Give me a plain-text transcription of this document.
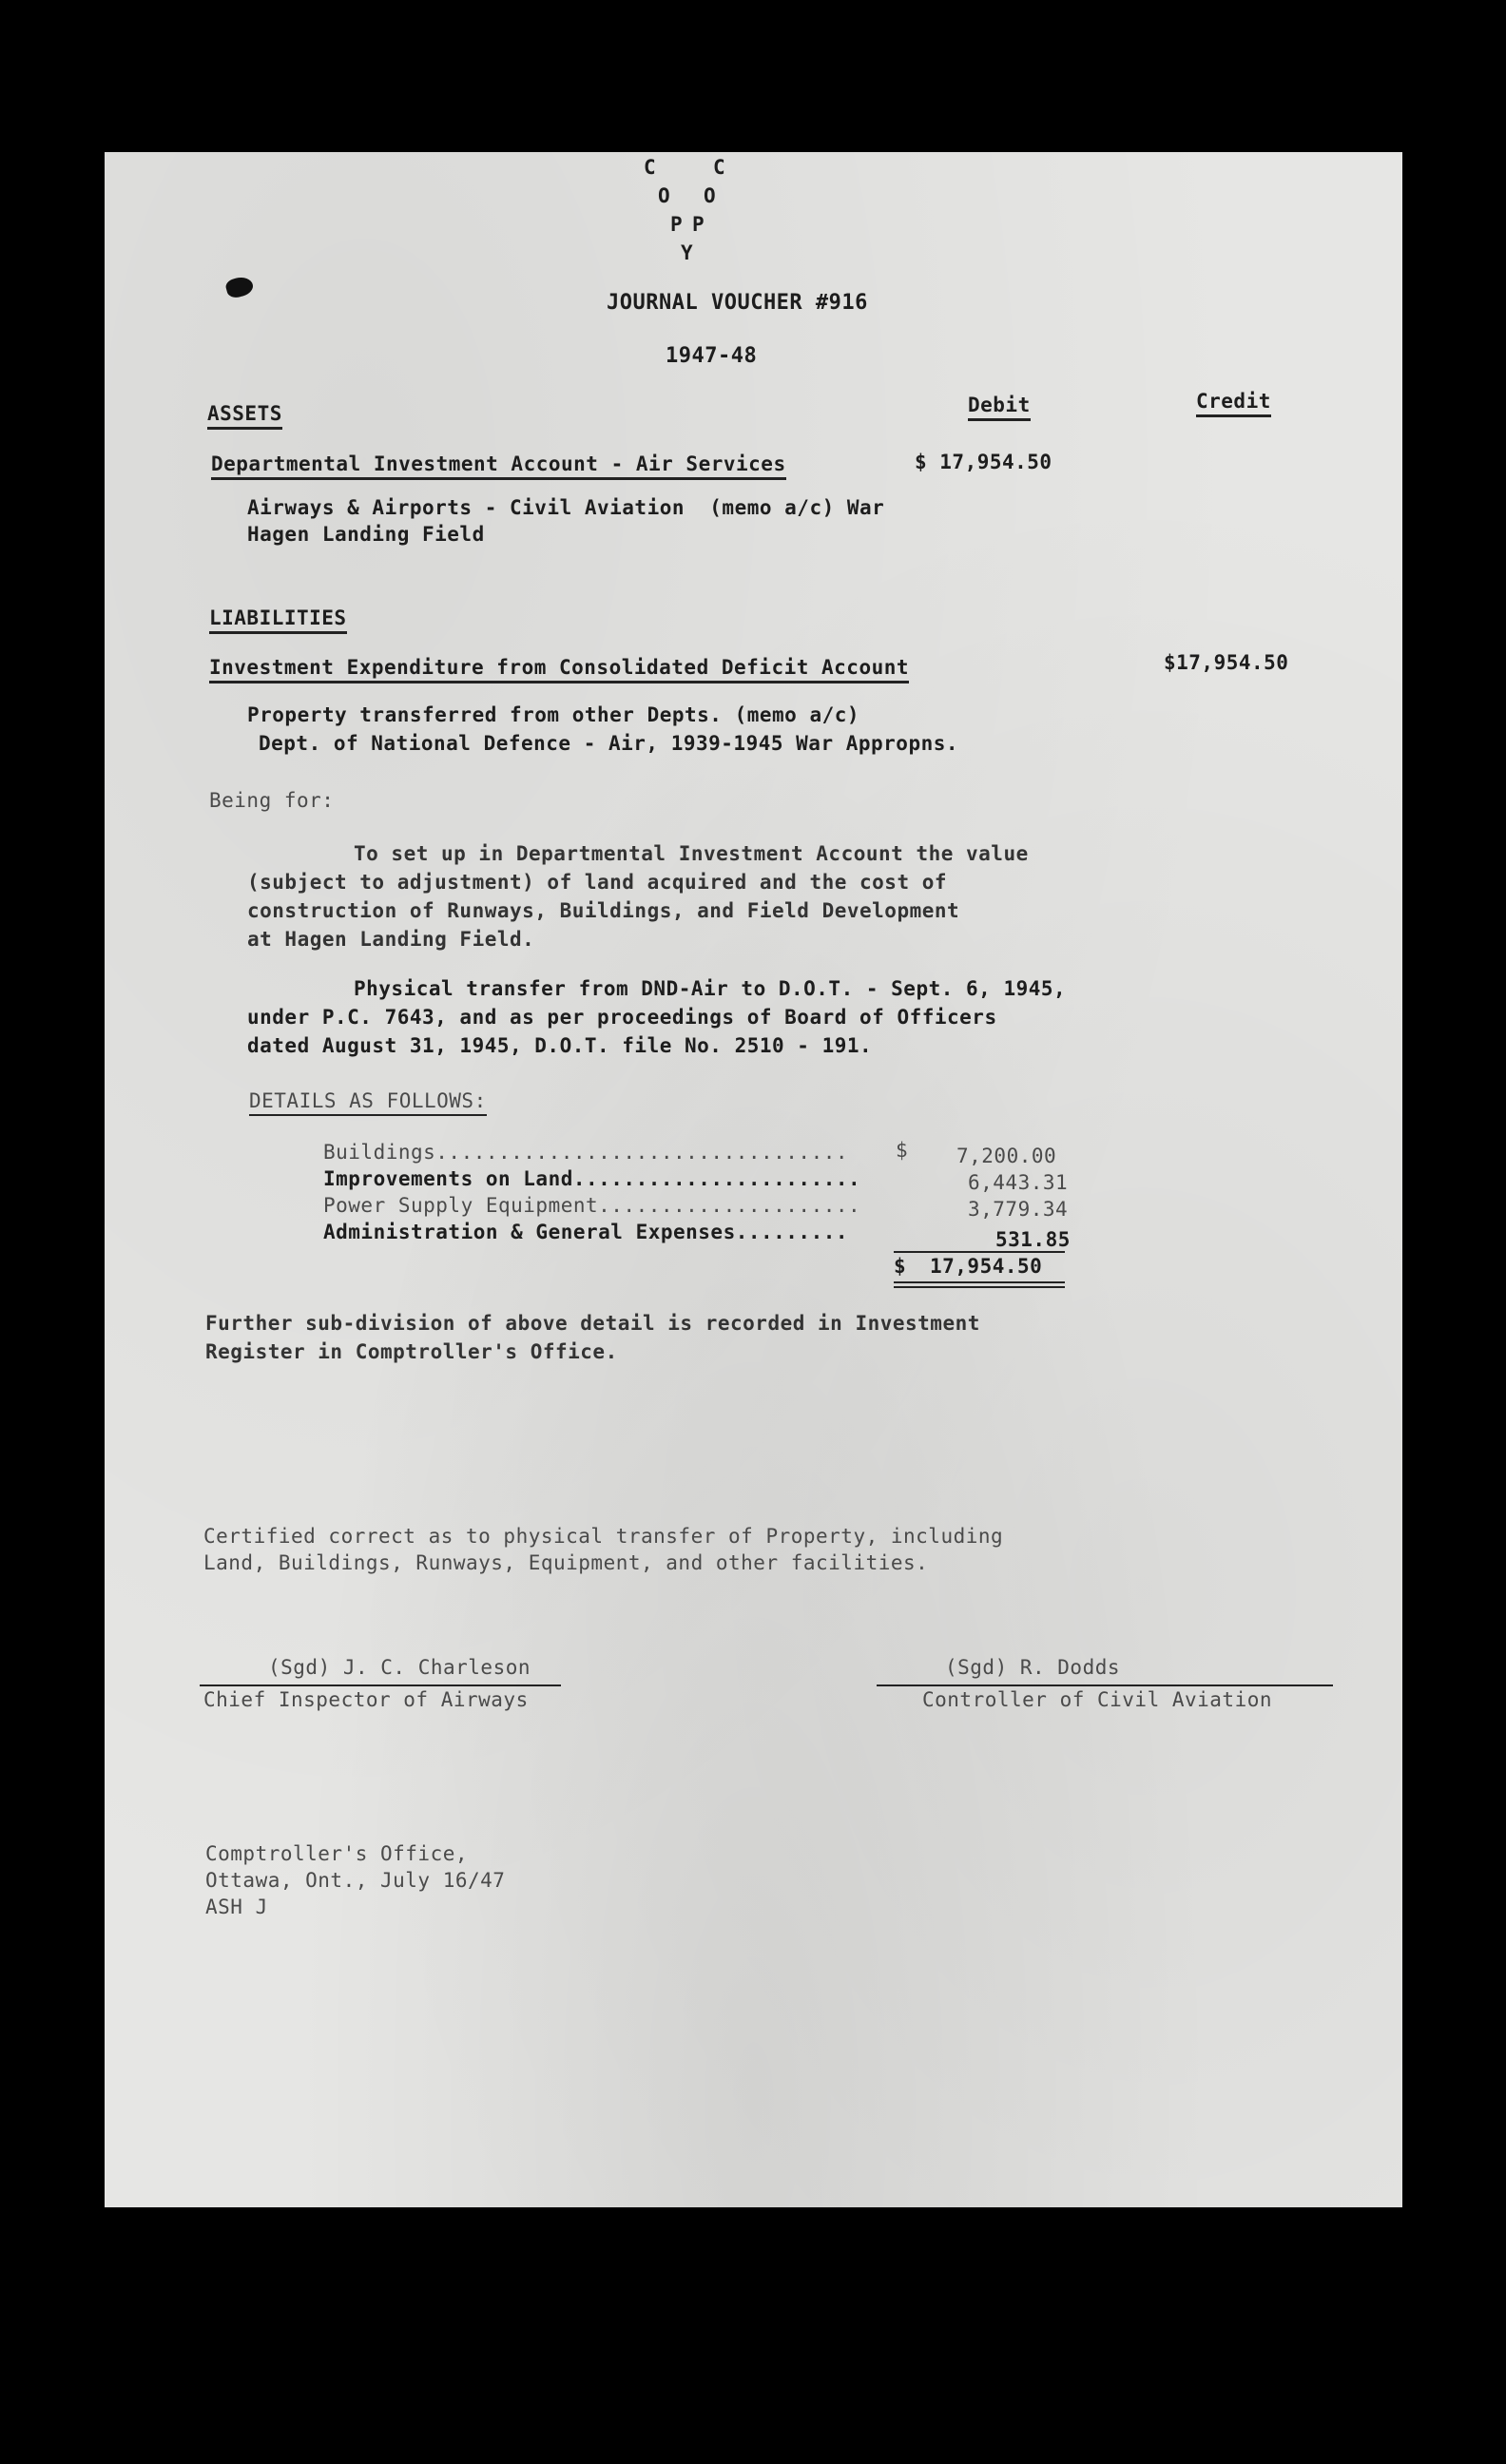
C	C
O O
P P
Y
JOURNAL VOUCHER #916
1947-48
Debit	Credit
ASSETS
Departmental Investment Account - Air Services	$ 17,954.50
Airways & Airports - Civil Aviation  (memo a/c) War
Hagen Landing Field
LIABILITIES
Investment Expenditure from Consolidated Deficit Account	$17,954.50
Property transferred from other Depts. (memo a/c)
Dept. of National Defence - Air, 1939-1945 War Appropns.
Being for:
To set up in Departmental Investment Account the value
(subject to adjustment) of land acquired and the cost of
construction of Runways, Buildings, and Field Development
at Hagen Landing Field.
Physical transfer from DND-Air to D.O.T. - Sept. 6, 1945,
under P.C. 7643, and as per proceedings of Board of Officers
dated August 31, 1945, D.O.T. file No. 2510 - 191.
DETAILS AS FOLLOWS:
Buildings................................. $ 7,200.00
Improvements on Land.......................	6,443.31
Power Supply Equipment.....................	3,779.34
Administration & General Expenses.........	531.85
$ 17,954.50
Further sub-division of above detail is recorded in Investment
Register in Comptroller's Office.
Certified correct as to physical transfer of Property, including
Land, Buildings, Runways, Equipment, and other facilities.
(Sgd) J. C. Charleson
Chief Inspector of Airways
(Sgd) R. Dodds
Controller of Civil Aviation
Comptroller's Office,
Ottawa, Ont., July 16/47
ASH J
